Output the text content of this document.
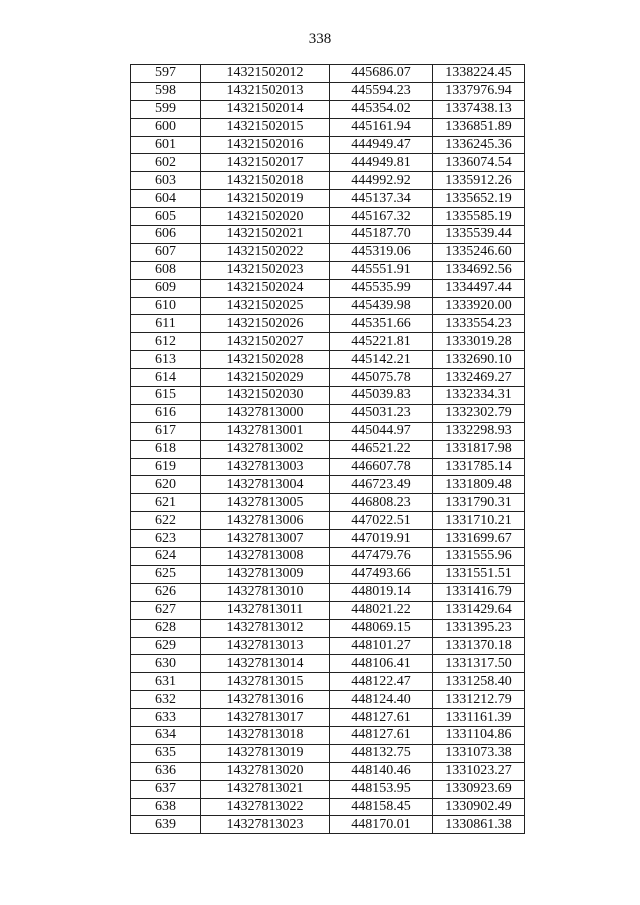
338
597	14321502012	445686.07	1338224.45
598	14321502013	445594.23	1337976.94
599	14321502014	445354.02	1337438.13
600	14321502015	445161.94	1336851.89
601	14321502016	444949.47	1336245.36
602	14321502017	444949.81	1336074.54
603	14321502018	444992.92	1335912.26
604	14321502019	445137.34	1335652.19
605	14321502020	445167.32	1335585.19
606	14321502021	445187.70	1335539.44
607	14321502022	445319.06	1335246.60
608	14321502023	445551.91	1334692.56
609	14321502024	445535.99	1334497.44
610	14321502025	445439.98	1333920.00
611	14321502026	445351.66	1333554.23
612	14321502027	445221.81	1333019.28
613	14321502028	445142.21	1332690.10
614	14321502029	445075.78	1332469.27
615	14321502030	445039.83	1332334.31
616	14327813000	445031.23	1332302.79
617	14327813001	445044.97	1332298.93
618	14327813002	446521.22	1331817.98
619	14327813003	446607.78	1331785.14
620	14327813004	446723.49	1331809.48
621	14327813005	446808.23	1331790.31
622	14327813006	447022.51	1331710.21
623	14327813007	447019.91	1331699.67
624	14327813008	447479.76	1331555.96
625	14327813009	447493.66	1331551.51
626	14327813010	448019.14	1331416.79
627	14327813011	448021.22	1331429.64
628	14327813012	448069.15	1331395.23
629	14327813013	448101.27	1331370.18
630	14327813014	448106.41	1331317.50
631	14327813015	448122.47	1331258.40
632	14327813016	448124.40	1331212.79
633	14327813017	448127.61	1331161.39
634	14327813018	448127.61	1331104.86
635	14327813019	448132.75	1331073.38
636	14327813020	448140.46	1331023.27
637	14327813021	448153.95	1330923.69
638	14327813022	448158.45	1330902.49
639	14327813023	448170.01	1330861.38
